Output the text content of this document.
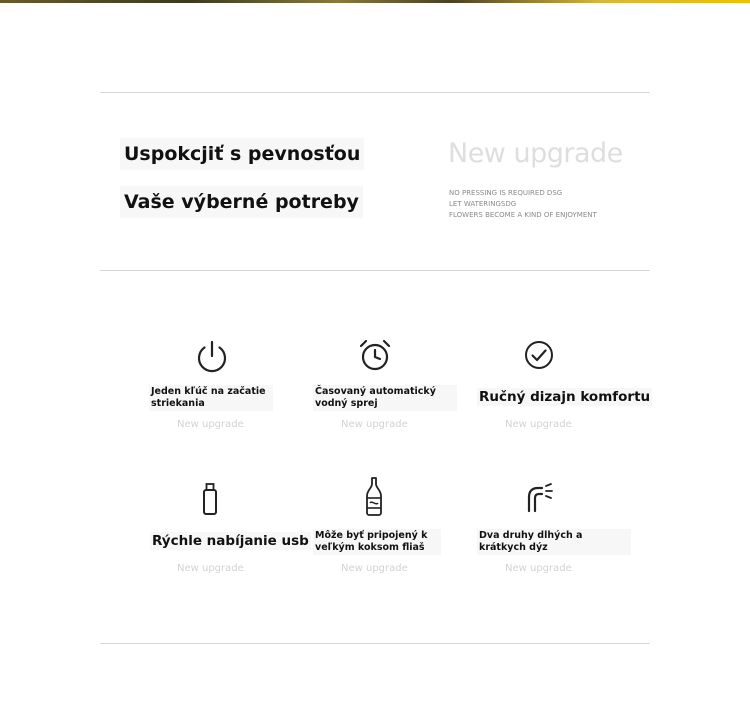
Uspokcjiť s pevnosťou
Vaše výberné potreby
New upgrade
NO PRESSING IS REQUIRED DSG
LET WATERINGSDG
FLOWERS BECOME A KIND OF ENJOYMENT
Jeden kľúč na začatie striekania
New upgrade
Časovaný automatický vodný sprej
New upgrade
Ručný dizajn komfortu
New upgrade
Rýchle nabíjanie usb
New upgrade
Môže byť pripojený k veľkým koksom fliaš
New upgrade
Dva druhy dlhých a krátkych dýz
New upgrade
